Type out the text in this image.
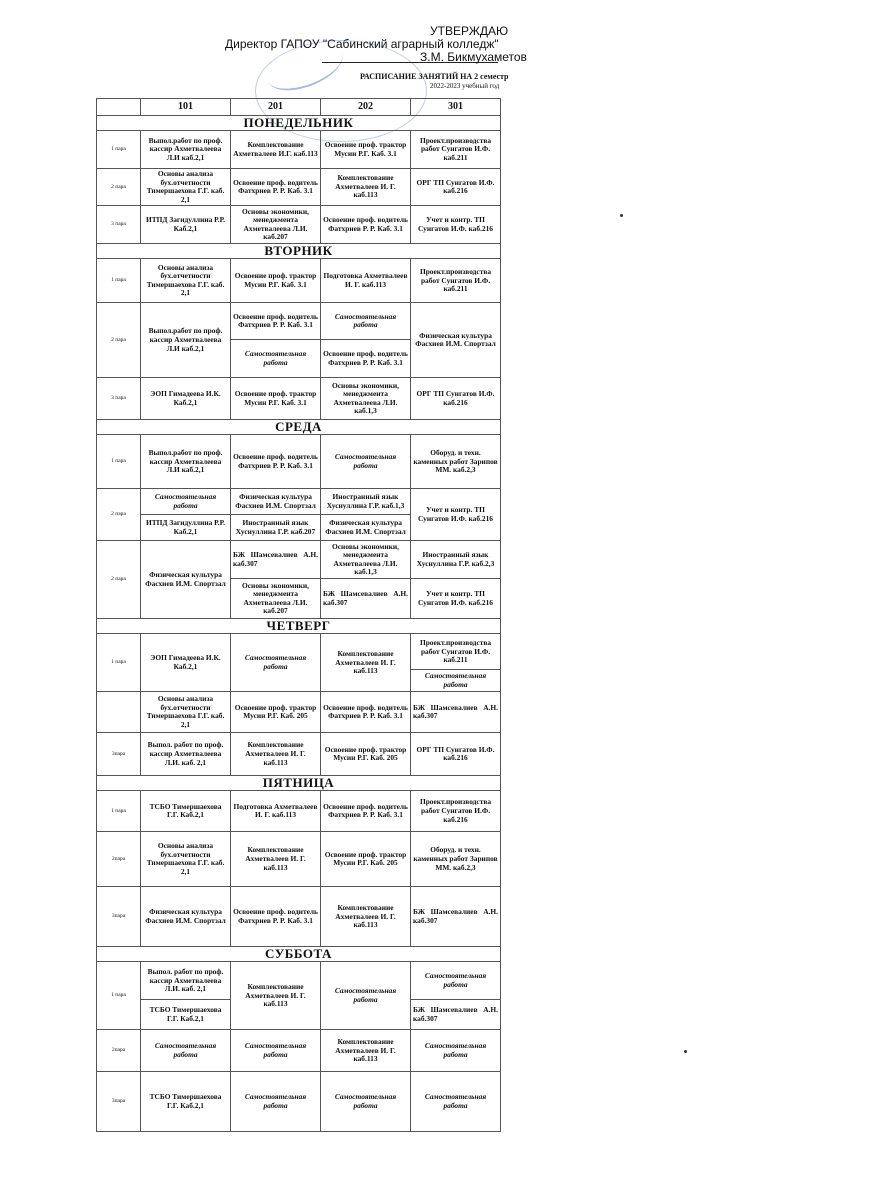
УТВЕРЖДАЮ
Директор ГАПОУ "Сабинский аграрный колледж"
З.М. Бикмухаметов
РАСПИСАНИЕ ЗАНЯТИЙ НА 2 семестр
2022-2023 учебный год
	101	201	202	301
ПОНЕДЕЛЬНИК				
1 пара	Выпол.работ по проф. кассир Ахметвалеева Л.И каб.2,1	Комплектование Ахметвалеев И.Г. каб.113	Освоение проф. трактор Мусин Р.Г. Каб. 3.1	Проект.производства работ Сунгатов И.Ф. каб.211
2 пара	Основы анализа бух.отчетности Тимершаехова Г.Г. каб. 2,1	Освоение проф. водитель Фатхриев Р. Р. Каб. 3.1	Комплектование Ахметвалеев И. Г. каб.113	ОРГ ТП Сунгатов И.Ф. каб.216
3 пара	ИТПД Загидуллина Р.Р. Каб.2,1	Основы экономики, менеджмента Ахметвалеева Л.И. каб.207	Освоение проф. водитель Фатхриев Р. Р. Каб. 3.1	Учет и контр. ТП Сунгатов И.Ф. каб.216
ВТОРНИК				
1 пара	Основы анализа бух.отчетности Тимершаехова Г.Г. каб. 2,1	Освоение проф. трактор Мусин Р.Г. Каб. 3.1	Подготовка Ахметвалеев И. Г. каб.113	Проект.производства работ Сунгатов И.Ф. каб.211
2 пара	Выпол.работ по проф. кассир Ахметвалеева Л.И каб.2,1	Освоение проф. водитель Фатхриев Р. Р. Каб. 3.1	Самостоятельная работа	Физическая культура Фасхиев И.М. Спортзал
		Самостоятельная работа	Освоение проф. водитель Фатхриев Р. Р. Каб. 3.1	
3 пара	ЭОП Гимадеева И.К. Каб.2,1	Освоение проф. трактор Мусин Р.Г. Каб. 3.1	Основы экономики, менеджмента Ахметвалеева Л.И. каб.1,3	ОРГ ТП Сунгатов И.Ф. каб.216
СРЕДА				
1 пара	Выпол.работ по проф. кассир Ахметвалеева Л.И каб.2,1	Освоение проф. водитель Фатхриев Р. Р. Каб. 3.1	Самостоятельная работа	Оборуд. и техн. каменных работ Зарипов ММ. каб.2,3
2 пара	Самостоятельная работа	Физическая культура Фасхиев И.М. Спортзал	Иностранный язык Хуснуллина Г.Р. каб.1,3	Учет и контр. ТП Сунгатов И.Ф. каб.216
	ИТПД Загидуллина Р.Р. Каб.2,1	Иностранный язык Хуснуллина Г.Р. каб.207	Физическая культура Фасхиев И.М. Спортзал	
2 пара	Физическая культура Фасхиев И.М. Спортзал	БЖ Шамсевалиев А.Н. каб.307	Основы экономики, менеджмента Ахметвалеева Л.И. каб.1,3	Иностранный язык Хуснуллина Г.Р. каб.2,3
		Основы экономики, менеджмента Ахметвалеева Л.И. каб.207	БЖ Шамсевалиев А.Н. каб.307	Учет и контр. ТП Сунгатов И.Ф. каб.216
ЧЕТВЕРГ				
1 пара	ЭОП Гимадеева И.К. Каб.2,1	Самостоятельная работа	Комплектование Ахметвалеев И. Г. каб.113	Проект.производства работ Сунгатов И.Ф. каб.211
				Самостоятельная работа
	Основы анализа бух.отчетности Тимершаехова Г.Г. каб. 2,1	Освоение проф. трактор Мусин Р.Г. Каб. 205	Освоение проф. водитель Фатхриев Р. Р. Каб. 3.1	БЖ Шамсевалиев А.Н. каб.307
3пара	Выпол. работ по проф. кассир Ахметвалеева Л.И. каб. 2,1	Комплектование Ахметвалеев И. Г. каб.113	Освоение проф. трактор Мусин Р.Г. Каб. 205	ОРГ ТП Сунгатов И.Ф. каб.216
ПЯТНИЦА				
1 пара	ТСБО Тимершаехова Г.Г. Каб.2,1	Подготовка Ахметвалеев И. Г. каб.113	Освоение проф. водитель Фатхриев Р. Р. Каб. 3.1	Проект.производства работ Сунгатов И.Ф. каб.216
2пара	Основы анализа бух.отчетности Тимершаехова Г.Г. каб. 2,1	Комплектование Ахметвалеев И. Г. каб.113	Освоение проф. трактор Мусин Р.Г. Каб. 205	Оборуд. и техн. каменных работ Зарипов ММ. каб.2,3
3пара	Физическая культура Фасхиев И.М. Спортзал	Освоение проф. водитель Фатхриев Р. Р. Каб. 3.1	Комплектование Ахметвалеев И. Г. каб.113	БЖ Шамсевалиев А.Н. каб.307
СУББОТА				
1 пара	Выпол. работ по проф. кассир Ахметвалеева Л.И. каб. 2,1	Комплектование Ахметвалеев И. Г. каб.113	Самостоятельная работа	Самостоятельная работа
	ТСБО Тимершаехова Г.Г. Каб.2,1			БЖ Шамсевалиев А.Н. каб.307
2пара	Самостоятельная работа	Самостоятельная работа	Комплектование Ахметвалеев И. Г. каб.113	Самостоятельная работа
3пара	ТСБО Тимершаехова Г.Г. Каб.2,1	Самостоятельная работа	Самостоятельная работа	Самостоятельная работа
